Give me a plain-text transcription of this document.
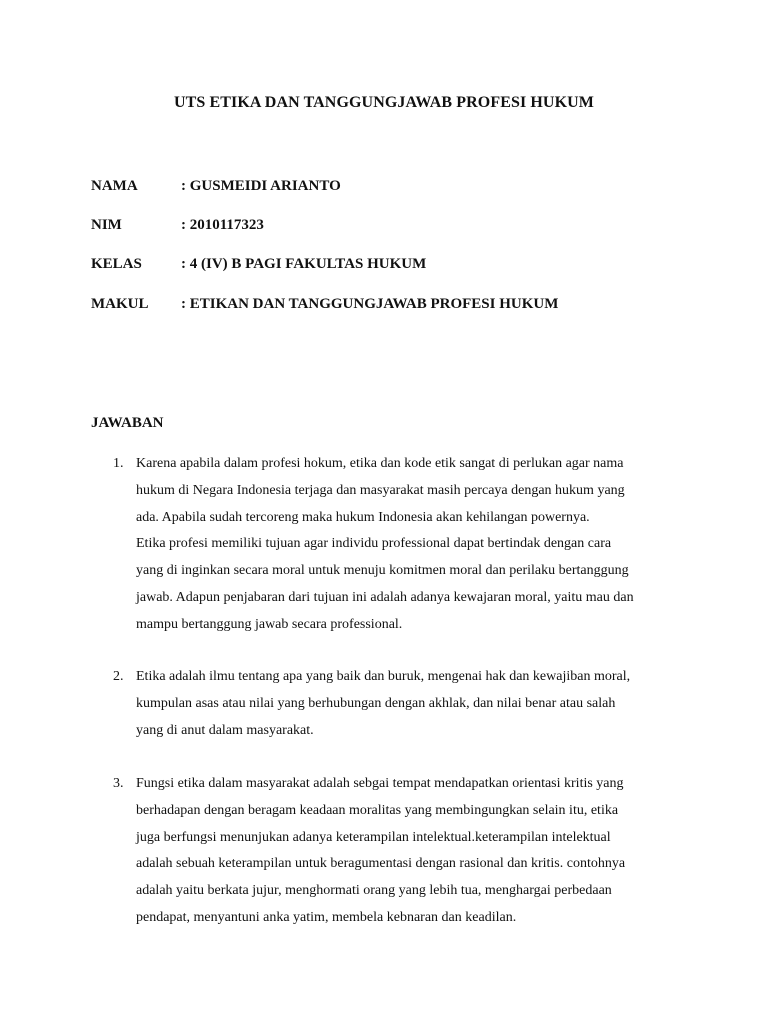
UTS ETIKA DAN TANGGUNGJAWAB PROFESI HUKUM
NAMA	: GUSMEIDI ARIANTO
NIM	: 2010117323
KELAS	: 4 (IV) B PAGI FAKULTAS HUKUM
MAKUL : ETIKAN DAN TANGGUNGJAWAB PROFESI HUKUM
JAWABAN
1. Karena apabila dalam profesi hokum, etika dan kode etik sangat di perlukan agar nama
hukum di Negara Indonesia terjaga dan masyarakat masih percaya dengan hukum yang
ada. Apabila sudah tercoreng maka hukum Indonesia akan kehilangan powernya.
Etika profesi memiliki tujuan agar individu professional dapat bertindak dengan cara
yang di inginkan secara moral untuk menuju komitmen moral dan perilaku bertanggung
jawab. Adapun penjabaran dari tujuan ini adalah adanya kewajaran moral, yaitu mau dan
mampu bertanggung jawab secara professional.
2. Etika adalah ilmu tentang apa yang baik dan buruk, mengenai hak dan kewajiban moral,
kumpulan asas atau nilai yang berhubungan dengan akhlak, dan nilai benar atau salah
yang di anut dalam masyarakat.
3. Fungsi etika dalam masyarakat adalah sebgai tempat mendapatkan orientasi kritis yang
berhadapan dengan beragam keadaan moralitas yang membingungkan selain itu, etika
juga berfungsi menunjukan adanya keterampilan intelektual.keterampilan intelektual
adalah sebuah keterampilan untuk beragumentasi dengan rasional dan kritis. contohnya
adalah yaitu berkata jujur, menghormati orang yang lebih tua, menghargai perbedaan
pendapat, menyantuni anka yatim, membela kebnaran dan keadilan.
